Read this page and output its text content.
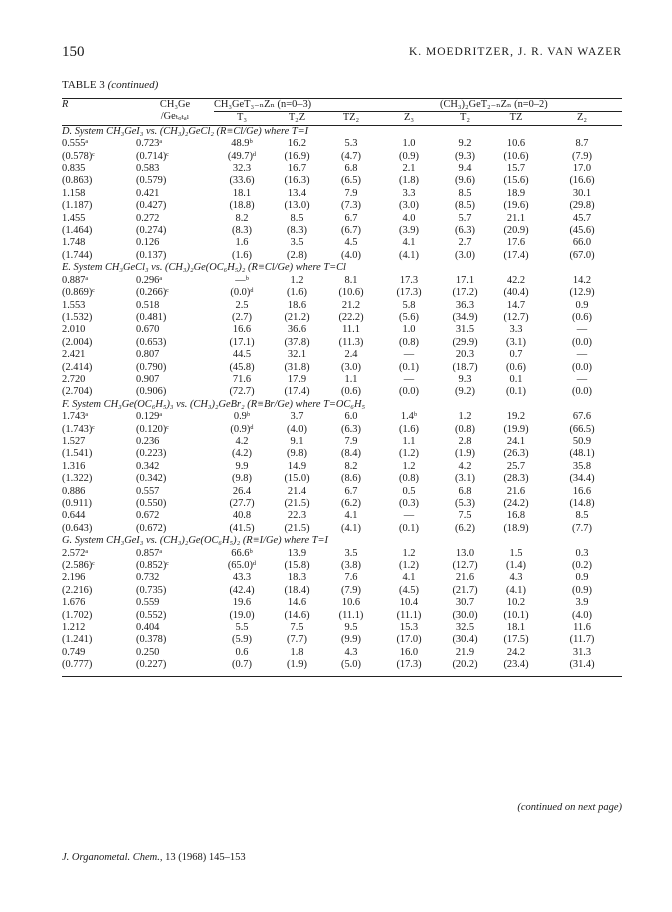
150	K. MOEDRITZER, J. R. VAN WAZER
TABLE 3 (continued)

R	CH₃Ge
/Geₜₒₜₐₗ	CH₃GeT₃₋ₙZₙ (n=0–3)				(CH₃)₂GeT₂₋ₙZₙ (n=0–2)		
		T₃	T₂Z	TZ₂	Z₃	T₂	TZ	Z₂

D. System CH₃GeI₃ vs. (CH₃)₂GeCl₂ (R≡Cl/Ge) where T=I								
0.555ᵃ	0.723ᵃ	48.9ᵇ	16.2	5.3	1.0	9.2	10.6	8.7
(0.578)ᶜ	(0.714)ᶜ	(49.7)ᵈ	(16.9)	(4.7)	(0.9)	(9.3)	(10.6)	(7.9)
0.835	0.583	32.3	16.7	6.8	2.1	9.4	15.7	17.0
(0.863)	(0.579)	(33.6)	(16.3)	(6.5)	(1.8)	(9.6)	(15.6)	(16.6)
1.158	0.421	18.1	13.4	7.9	3.3	8.5	18.9	30.1
(1.187)	(0.427)	(18.8)	(13.0)	(7.3)	(3.0)	(8.5)	(19.6)	(29.8)
1.455	0.272	8.2	8.5	6.7	4.0	5.7	21.1	45.7
(1.464)	(0.274)	(8.3)	(8.3)	(6.7)	(3.9)	(6.3)	(20.9)	(45.6)
1.748	0.126	1.6	3.5	4.5	4.1	2.7	17.6	66.0
(1.744)	(0.137)	(1.6)	(2.8)	(4.0)	(4.1)	(3.0)	(17.4)	(67.0)
E. System CH₃GeCl₃ vs. (CH₃)₂Ge(OC₆H₅)₂ (R≡Cl/Ge) where T=Cl								
0.887ᵃ	0.296ᵃ	—ᵇ	1.2	8.1	17.3	17.1	42.2	14.2
(0.869)ᶜ	(0.266)ᶜ	(0.0)ᵈ	(1.6)	(10.6)	(17.3)	(17.2)	(40.4)	(12.9)
1.553	0.518	2.5	18.6	21.2	5.8	36.3	14.7	0.9
(1.532)	(0.481)	(2.7)	(21.2)	(22.2)	(5.6)	(34.9)	(12.7)	(0.6)
2.010	0.670	16.6	36.6	11.1	1.0	31.5	3.3	—
(2.004)	(0.653)	(17.1)	(37.8)	(11.3)	(0.8)	(29.9)	(3.1)	(0.0)
2.421	0.807	44.5	32.1	2.4	—	20.3	0.7	—
(2.414)	(0.790)	(45.8)	(31.8)	(3.0)	(0.1)	(18.7)	(0.6)	(0.0)
2.720	0.907	71.6	17.9	1.1	—	9.3	0.1	—
(2.704)	(0.906)	(72.7)	(17.4)	(0.6)	(0.0)	(9.2)	(0.1)	(0.0)
F. System CH₃Ge(OC₆H₅)₃ vs. (CH₃)₂GeBr₂ (R≡Br/Ge) where T=OC₆H₅								
1.743ᵃ	0.129ᵃ	0.9ᵇ	3.7	6.0	1.4ᵇ	1.2	19.2	67.6
(1.743)ᶜ	(0.120)ᶜ	(0.9)ᵈ	(4.0)	(6.3)	(1.6)	(0.8)	(19.9)	(66.5)
1.527	0.236	4.2	9.1	7.9	1.1	2.8	24.1	50.9
(1.541)	(0.223)	(4.2)	(9.8)	(8.4)	(1.2)	(1.9)	(26.3)	(48.1)
1.316	0.342	9.9	14.9	8.2	1.2	4.2	25.7	35.8
(1.322)	(0.342)	(9.8)	(15.0)	(8.6)	(0.8)	(3.1)	(28.3)	(34.4)
0.886	0.557	26.4	21.4	6.7	0.5	6.8	21.6	16.6
(0.911)	(0.550)	(27.7)	(21.5)	(6.2)	(0.3)	(5.3)	(24.2)	(14.8)
0.644	0.672	40.8	22.3	4.1	—	7.5	16.8	8.5
(0.643)	(0.672)	(41.5)	(21.5)	(4.1)	(0.1)	(6.2)	(18.9)	(7.7)
G. System CH₃GeI₃ vs. (CH₃)₂Ge(OC₆H₅)₂ (R≡I/Ge) where T=I								
2.572ᵃ	0.857ᵃ	66.6ᵇ	13.9	3.5	1.2	13.0	1.5	0.3
(2.586)ᶜ	(0.852)ᶜ	(65.0)ᵈ	(15.8)	(3.8)	(1.2)	(12.7)	(1.4)	(0.2)
2.196	0.732	43.3	18.3	7.6	4.1	21.6	4.3	0.9
(2.216)	(0.735)	(42.4)	(18.4)	(7.9)	(4.5)	(21.7)	(4.1)	(0.9)
1.676	0.559	19.6	14.6	10.6	10.4	30.7	10.2	3.9
(1.702)	(0.552)	(19.0)	(14.6)	(11.1)	(11.1)	(30.0)	(10.1)	(4.0)
1.212	0.404	5.5	7.5	9.5	15.3	32.5	18.1	11.6
(1.241)	(0.378)	(5.9)	(7.7)	(9.9)	(17.0)	(30.4)	(17.5)	(11.7)
0.749	0.250	0.6	1.8	4.3	16.0	21.9	24.2	31.3
(0.777)	(0.227)	(0.7)	(1.9)	(5.0)	(17.3)	(20.2)	(23.4)	(31.4)

(continued on next page)
J. Organometal. Chem., 13 (1968) 145–153
